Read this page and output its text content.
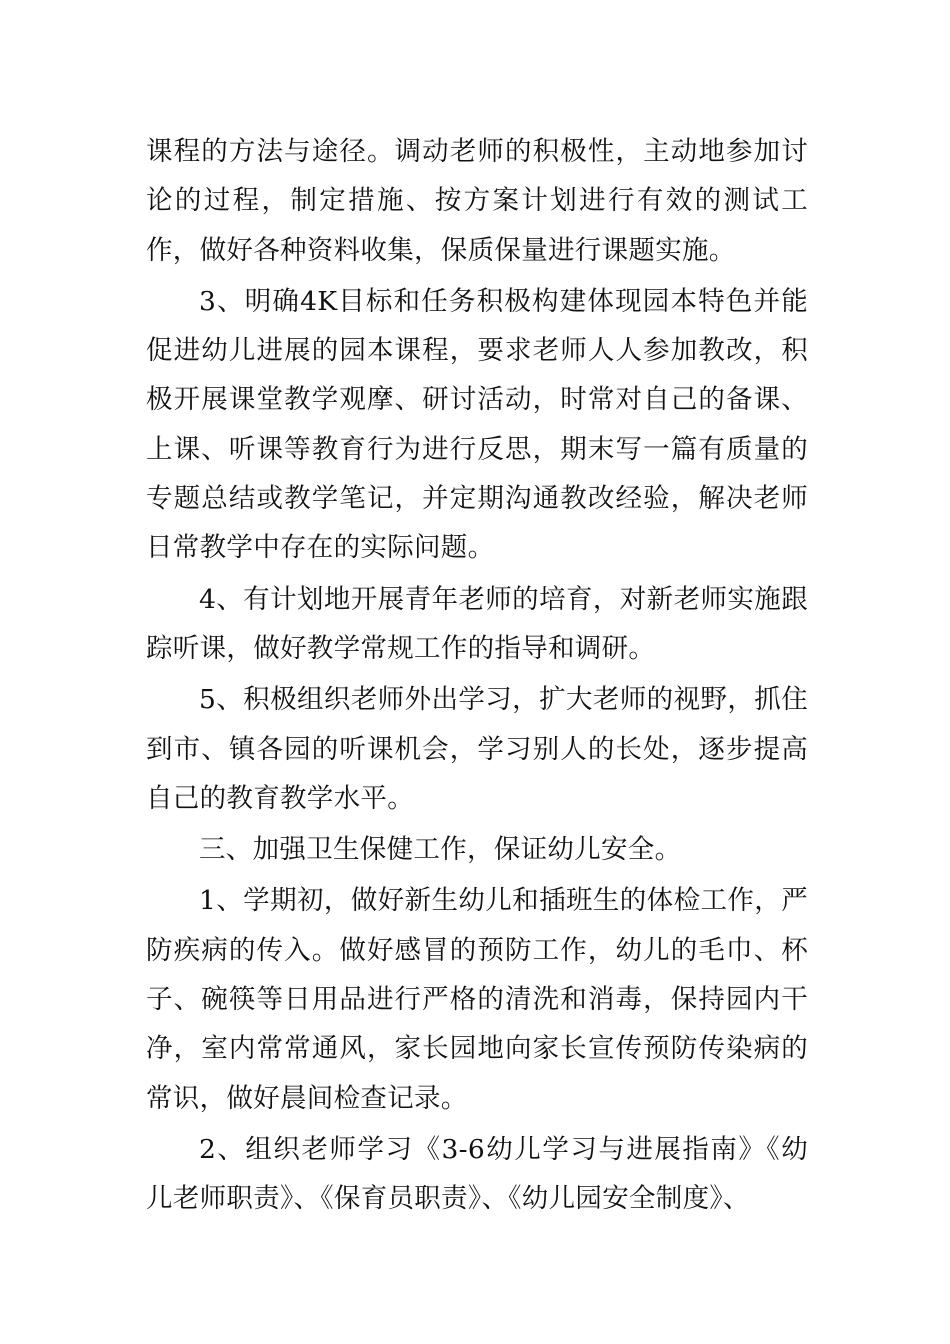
课程的方法与途径。调动老师的积极性，主动地参加讨论的过程，制定措施、按方案计划进行有效的测试工作，做好各种资料收集，保质保量进行课题实施。

3、明确4K目标和任务积极构建体现园本特色并能促进幼儿进展的园本课程，要求老师人人参加教改，积极开展课堂教学观摩、研讨活动，时常对自己的备课、上课、听课等教育行为进行反思，期末写一篇有质量的专题总结或教学笔记，并定期沟通教改经验，解决老师日常教学中存在的实际问题。

4、有计划地开展青年老师的培育，对新老师实施跟踪听课，做好教学常规工作的指导和调研。

5、积极组织老师外出学习，扩大老师的视野，抓住到市、镇各园的听课机会，学习别人的长处，逐步提高自己的教育教学水平。

三、加强卫生保健工作，保证幼儿安全。

1、学期初，做好新生幼儿和插班生的体检工作，严防疾病的传入。做好感冒的预防工作，幼儿的毛巾、杯子、碗筷等日用品进行严格的清洗和消毒，保持园内干净，室内常常通风，家长园地向家长宣传预防传染病的常识，做好晨间检查记录。

2、组织老师学习《3-6幼儿学习与进展指南》《幼儿老师职责》、《保育员职责》、《幼儿园安全制度》、
